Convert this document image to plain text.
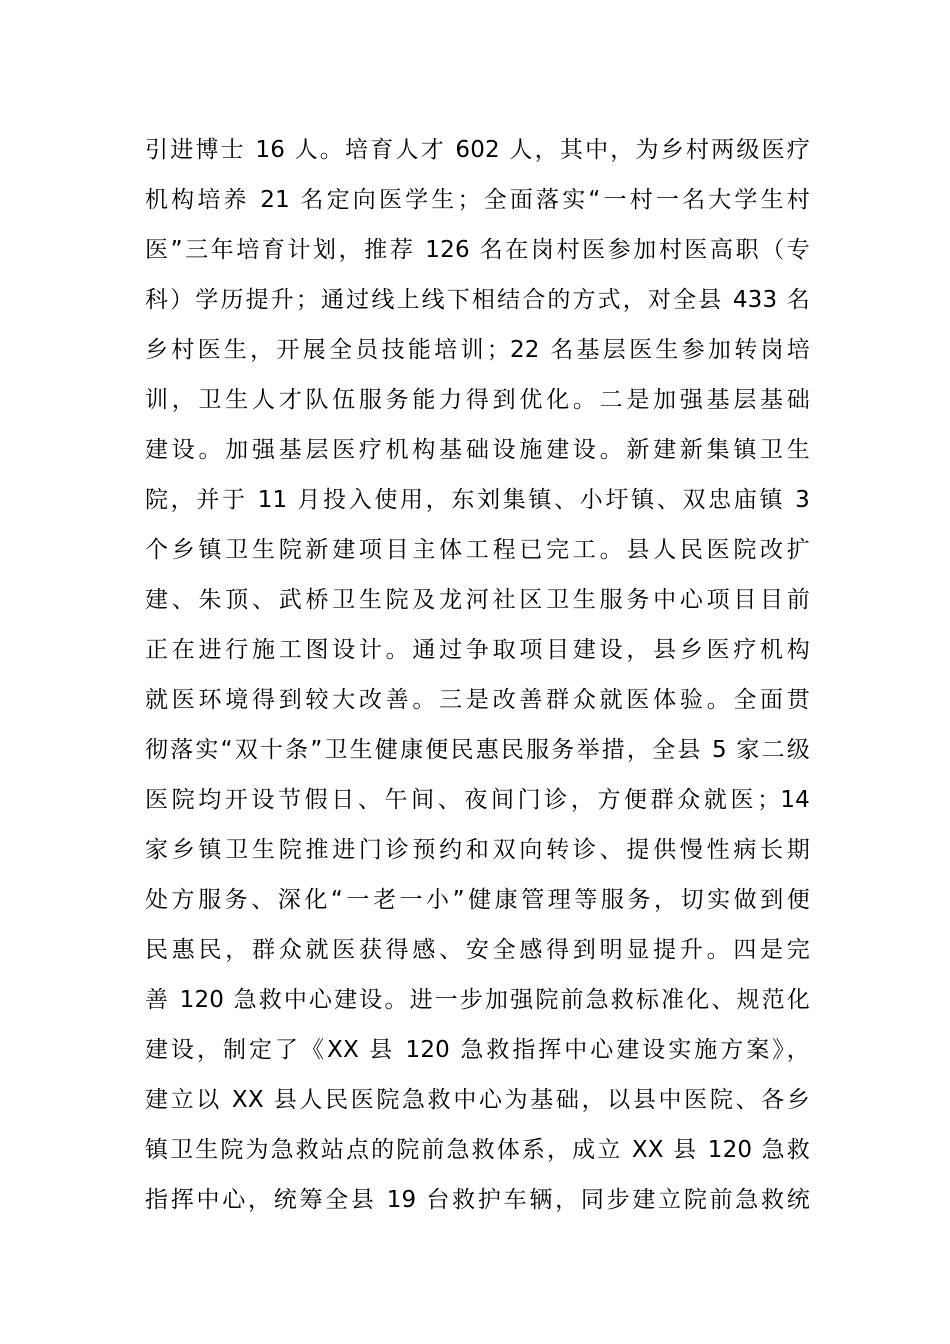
引进博士 16 人。培育人才 602 人，其中，为乡村两级医疗
机构培养 21 名定向医学生；全面落实“一村一名大学生村
医”三年培育计划，推荐 126 名在岗村医参加村医高职（专
科）学历提升；通过线上线下相结合的方式，对全县 433 名
乡村医生，开展全员技能培训；22 名基层医生参加转岗培
训，卫生人才队伍服务能力得到优化。二是加强基层基础
建设。加强基层医疗机构基础设施建设。新建新集镇卫生
院，并于 11 月投入使用，东刘集镇、小圩镇、双忠庙镇 3
个乡镇卫生院新建项目主体工程已完工。县人民医院改扩
建、朱顶、武桥卫生院及龙河社区卫生服务中心项目目前
正在进行施工图设计。通过争取项目建设，县乡医疗机构
就医环境得到较大改善。三是改善群众就医体验。全面贯
彻落实“双十条”卫生健康便民惠民服务举措，全县 5 家二级
医院均开设节假日、午间、夜间门诊，方便群众就医；14
家乡镇卫生院推进门诊预约和双向转诊、提供慢性病长期
处方服务、深化“一老一小”健康管理等服务，切实做到便
民惠民，群众就医获得感、安全感得到明显提升。四是完
善 120 急救中心建设。进一步加强院前急救标准化、规范化
建设，制定了《XX 县 120 急救指挥中心建设实施方案》，
建立以 XX 县人民医院急救中心为基础，以县中医院、各乡
镇卫生院为急救站点的院前急救体系，成立 XX 县 120 急救
指挥中心，统筹全县 19 台救护车辆，同步建立院前急救统
